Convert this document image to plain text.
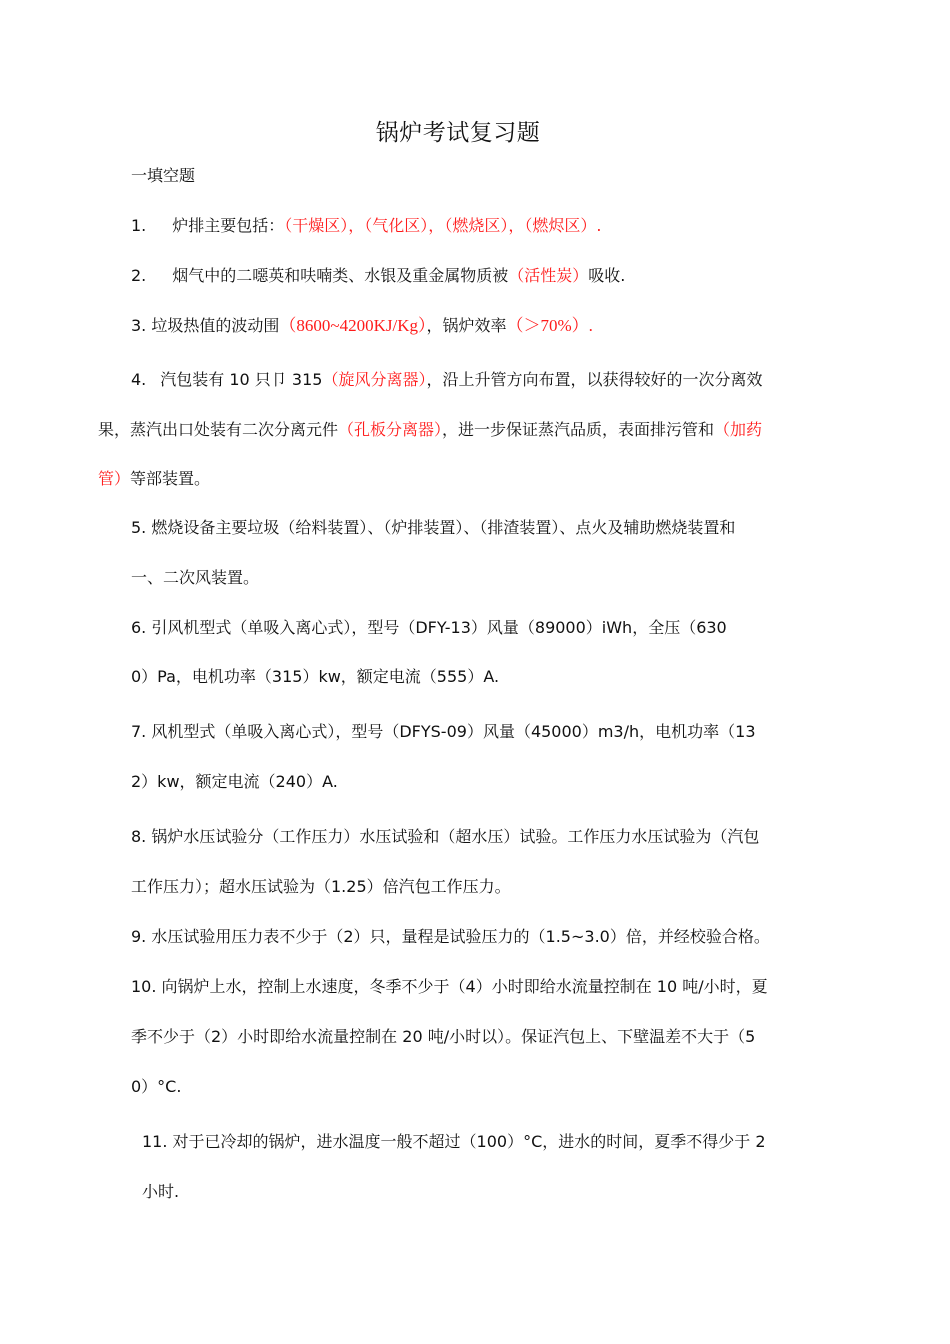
锅炉考试复习题
一填空题
1. 炉排主要包括：（干燥区），（气化区），（燃烧区），（燃烬区）.
2. 烟气中的二噁英和呋喃类、水银及重金属物质被（活性炭）吸收.
3. 垃圾热值的波动围（8600~4200KJ/Kg），锅炉效率（＞70%）.
4. 汽包装有 10 只卩 315（旋风分离器），沿上升管方向布置，以获得较好的一次分离效
果，蒸汽出口处装有二次分离元件（孔板分离器），进一步保证蒸汽品质，表面排污管和（加药
管）等部装置。
5. 燃烧设备主要垃圾（给料装置）、（炉排装置）、（排渣装置）、点火及辅助燃烧装置和
一、二次风装置。
6. 引风机型式（单吸入离心式），型号（DFY-13）风量（89000）iWh，全压（630
0）Pa，电机功率（315）kw，额定电流（555）A.
7. 风机型式（单吸入离心式），型号（DFYS-09）风量（45000）m3/h，电机功率（13
2）kw，额定电流（240）A.
8. 锅炉水压试验分（工作压力）水压试验和（超水压）试验。工作压力水压试验为（汽包
工作压力）；超水压试验为（1.25）倍汽包工作压力。
9. 水压试验用压力表不少于（2）只，量程是试验压力的（1.5~3.0）倍，并经校验合格。
10. 向锅炉上水，控制上水速度，冬季不少于（4）小时即给水流量控制在 10 吨/小时，夏
季不少于（2）小时即给水流量控制在 20 吨/小时以）。保证汽包上、下壁温差不大于（5
0）°C.
11. 对于已冷却的锅炉，进水温度一般不超过（100）°C，进水的时间，夏季不得少于 2
小时.
